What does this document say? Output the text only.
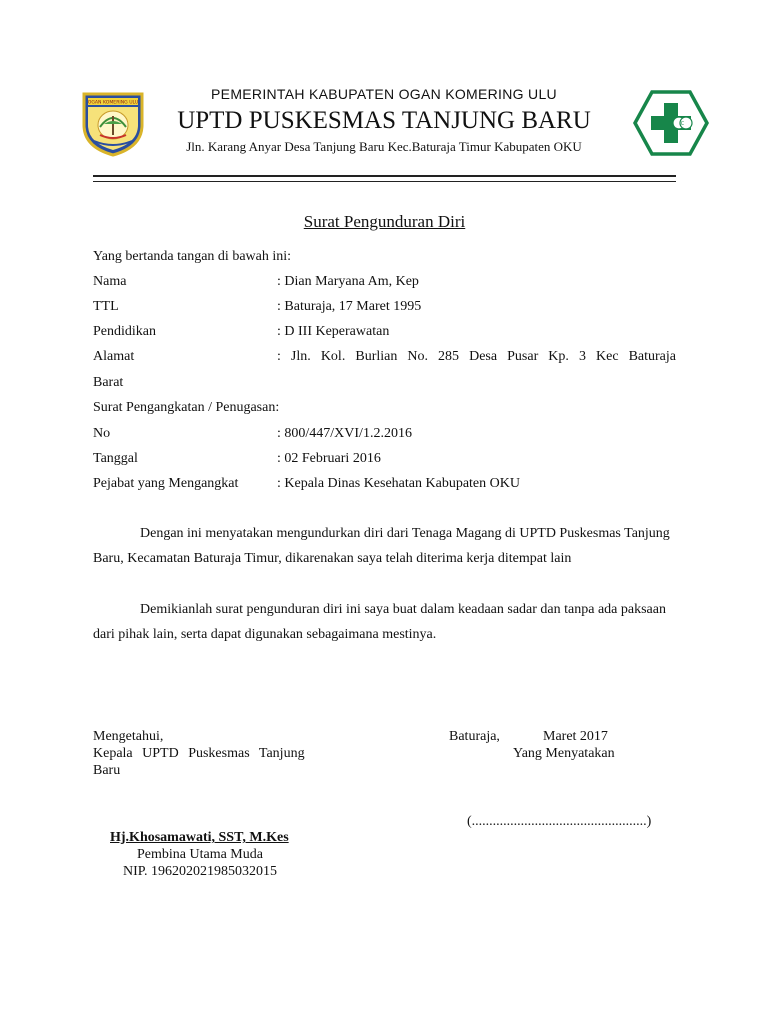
OGAN KOMERING ULU
C
PEMERINTAH KABUPATEN OGAN KOMERING ULU
UPTD PUSKESMAS TANJUNG BARU
Jln. Karang Anyar Desa Tanjung Baru Kec.Baturaja Timur Kabupaten OKU
Surat Pengunduran Diri
Yang bertanda tangan di bawah ini:
Nama	: Dian Maryana Am, Kep
TTL	: Baturaja, 17 Maret 1995
Pendidikan	: D III Keperawatan
Alamat	: Jln. Kol. Burlian No. 285 Desa Pusar Kp. 3 Kec Baturaja
Barat
Surat Pengangkatan / Penugasan:
No	: 800/447/XVI/1.2.2016
Tanggal	: 02 Februari 2016
Pejabat yang Mengangkat	: Kepala Dinas Kesehatan Kabupaten OKU
Dengan ini menyatakan mengundurkan diri dari Tenaga Magang di UPTD Puskesmas Tanjung Baru, Kecamatan Baturaja Timur, dikarenakan saya telah diterima kerja ditempat lain
Demikianlah surat pengunduran diri ini saya buat dalam keadaan sadar dan tanpa ada paksaan dari pihak lain, serta dapat digunakan sebagaimana mestinya.
Mengetahui,
Kepala UPTD Puskesmas Tanjung
Baru
Baturaja,	Maret 2017
Yang Menyatakan
(..................................................)
Hj.Khosamawati, SST, M.Kes
Pembina Utama Muda
NIP. 196202021985032015
